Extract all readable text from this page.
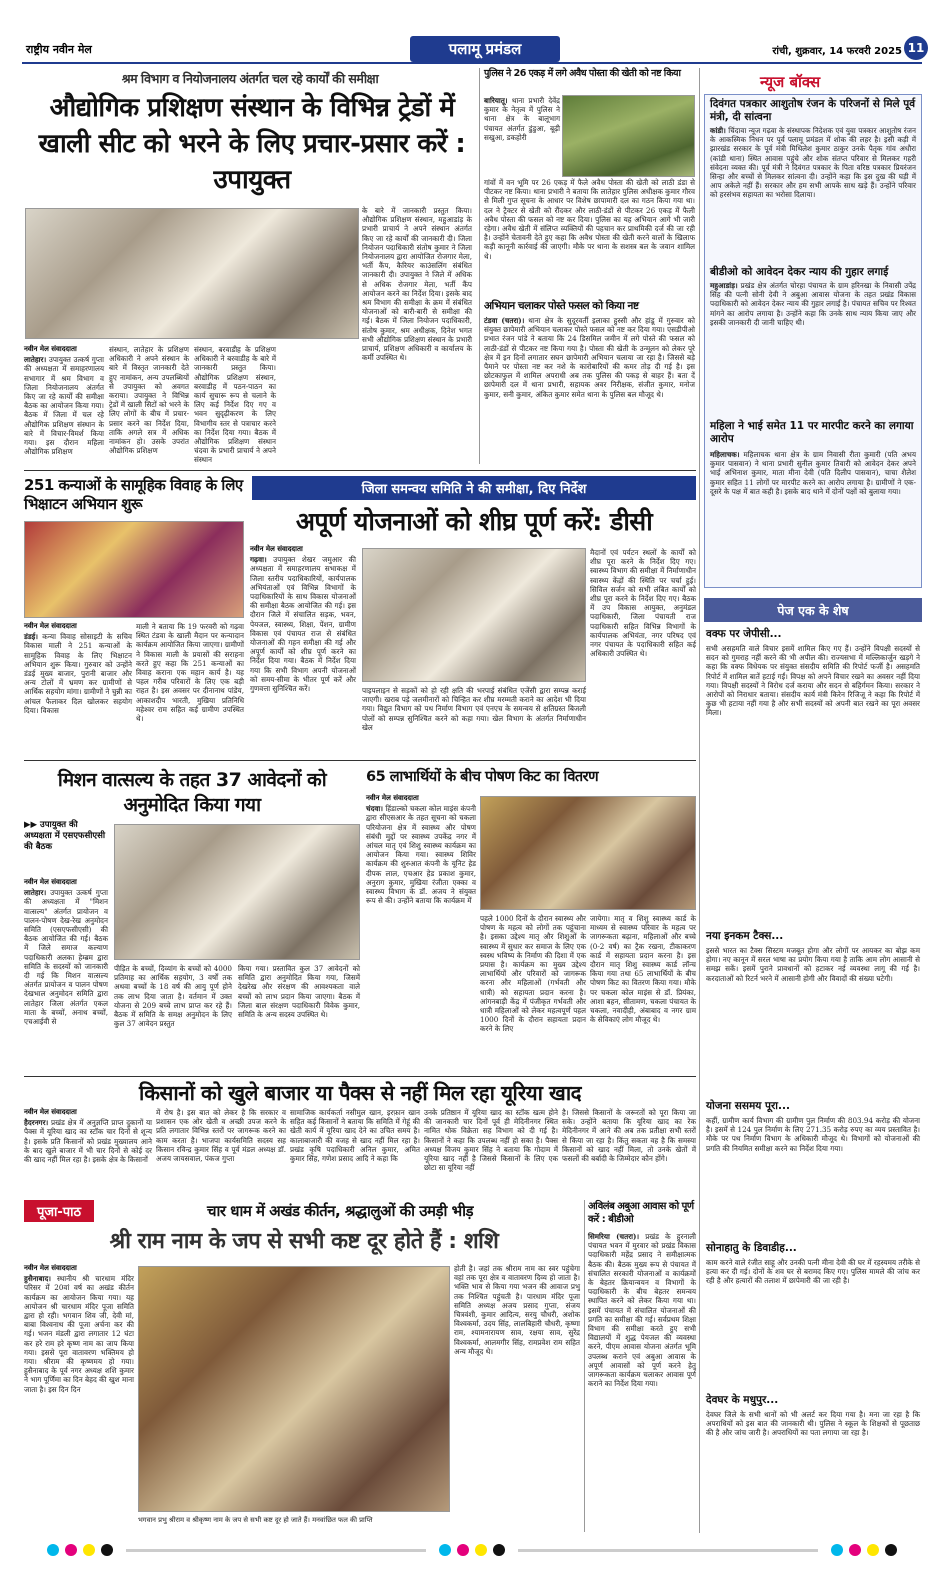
राष्ट्रीय नवीन मेल	पलामू प्रमंडल	रांची, शुक्रवार, 14 फरवरी 2025 11
श्रम विभाग व नियोजनालय अंतर्गत चल रहे कार्यों की समीक्षा
औद्योगिक प्रशिक्षण संस्थान के विभिन्न ट्रेडों में खाली सीट को भरने के लिए प्रचार-प्रसार करें : उपायुक्त
नवीन मेल संवाददाता
लातेहार। उपायुक्त उत्कर्ष गुप्ता की अध्यक्षता में समाहरणालय सभागार में श्रम विभाग व जिला नियोजनालय अंतर्गत किए जा रहे कार्यों की समीक्षा बैठक का आयोजन किया गया। बैठक में जिला में चल रहे औद्योगिक प्रशिक्षण संस्थान के बारे में विचार-विमर्श किया गया। इस दौरान महिला औद्योगिक प्रशिक्षण
संस्थान, लातेहार के प्रशिक्षण अधिकारी ने अपने संस्थान के बारे में विस्तृत जानकारी देते हुए नामांकन, अन्य उपलब्धियों से उपायुक्त को अवगत कराया। उपायुक्त ने विभिन्न ट्रेडों में खाली सिटों को भरने के लिए लोगों के बीच में प्रचार-प्रसार करने का निर्देश दिया, ताकि अगले सत्र में अधिक नामांकन हो। उसके उपरांत औद्योगिक प्रशिक्षण
संस्थान, बरवाडीह के प्रशिक्षण अधिकारी ने बरवाडीह के बारे में जानकारी प्रस्तुत किया। औद्योगिक प्रशिक्षण संस्थान, बरवाडीह में पठन-पाठन का कार्य सुचारू रूप से चलाने के लिए कई निर्देश दिए गए व भवन सुदृढ़ीकरण के लिए विभागीय स्तर से पत्राचार करने का निर्देश दिया गया। बैठक में औद्योगिक प्रशिक्षण संस्थान चंदवा के प्रभारी प्राचार्य ने अपने संस्थान
के बारे में जानकारी प्रस्तुत किया। औद्योगिक प्रशिक्षण संस्थान, महुआडांड़ के प्रभारी प्राचार्य ने अपने संस्थान अंतर्गत किए जा रहे कार्यों की जानकारी दी। जिला नियोजन पदाधिकारी संतोष कुमार ने जिला नियोजनालय द्वारा आयोजित रोजगार मेला, भर्ती कैंप, कैरियर काउंसलिंग संबंधित जानकारी दी। उपायुक्त ने जिले में अधिक से अधिक रोजगार मेला, भर्ती कैंप आयोजन करने का निर्देश दिया। इसके बाद श्रम विभाग की समीक्षा के क्रम में संबंधित योजनाओं को बारी-बारी से समीक्षा की गई। बैठक में जिला नियोजन पदाधिकारी, संतोष कुमार, श्रम अधीक्षक, दिनेश भगत सभी औद्योगिक प्रशिक्षण संस्थान के प्रभारी प्राचार्य, प्रशिक्षण अधिकारी व कार्यालय के कर्मी उपस्थित थे।
पुलिस ने 26 एकड़ में लगे अवैध पोस्ता की खेती को नष्ट किया
बारियातू। थाना प्रभारी देवेंद्र कुमार के नेतृत्व में पुलिस ने थाना क्षेत्र के बालूभाग पंचायत अंतर्गत डुंडुआ, बूढ़ी सखुआ, डकहोरी
गांवों में वन भूमि पर 26 एकड़ में फैले अवैध पोस्ता की खेती को लाठी डंडा से पीटकर नष्ट किया। थाना प्रभारी ने बताया कि लातेहार पुलिस अधीक्षक कुमार गौरव से मिली गुप्त सूचना के आधार पर विशेष छापामारी दल का गठन किया गया था। दल ने ट्रैक्टर से खेती को रौंदकर और लाठी-डंडों से पीटकर 26 एकड़ में फैली अवैध पोस्ता की फसल को नष्ट कर दिया। पुलिस का यह अभियान आगे भी जारी रहेगा। अवैध खेती में संलिप्त व्यक्तियों की पहचान कर प्राथमिकी दर्ज की जा रही है। उन्होंने चेतावनी देते हुए कहा कि अवैध पोस्ता की खेती करने वालों के खिलाफ कड़ी कानूनी कार्रवाई की जाएगी। मौके पर थाना के सशस्त्र बल के जवान शामिल थे।
अभियान चलाकर पोस्ते फसल को किया नष्ट
टंडवा (चतरा)। थाना क्षेत्र के सुदूरवर्ती इलाका हुस्सी और हांडू में गुरुवार को संयुक्त छापेमारी अभियान चलाकर पोस्ते फसल को नष्ट कर दिया गया। एसडीपीओ प्रभात रंजन पांडे ने बताया कि 24 डिसमिल जमीन में लगे पोस्ते की फसल को लाठी-डंडों से पीटकर नष्ट किया गया है। पोस्ता की खेती के उन्मूलन को लेकर पूरे क्षेत्र में इन दिनों लगातार सघन छापेमारी अभियान चलाया जा रहा है। जिससे बड़े पैमाने पर पोस्ता नष्ट कर नशे के कारोबारियों की कमर तोड़ दी गई है। इस छोटकाफुल में शामिल अपराधी अब तक पुलिस की पकड़ से बाहर हैं। बता दें छापेमारी दल में थाना प्रभारी, सहायक अवर निरीक्षक, संजीत कुमार, मनोज कुमार, सनी कुमार, अंकित कुमार समेत थाना के पुलिस बल मौजूद थे।
251 कन्याओं के सामूहिक विवाह के लिए भिक्षाटन अभियान शुरू
नवीन मेल संवाददाता
डंडई। कन्या विवाह सोसाइटी के सचिव विकास माली ने 251 कन्याओं के सामूहिक विवाह के लिए भिक्षाटन अभियान शुरू किया। गुरुवार को उन्होंने डंडई मुख्य बाजार, पुरानी बाजार और अन्य टोलों में भ्रमण कर ग्रामीणों से आर्थिक सहयोग मांगा। ग्रामीणों ने चुन्नी का आंचल फैलाकर दिल खोलकर सहयोग दिया। विकास
माली ने बताया कि 19 फरवरी को गढ़वा स्थित टंडवा के खाली मैदान पर कन्यादान कार्यक्रम आयोजित किया जाएगा। ग्रामीणों ने विकास माली के प्रयासों की सराहना करते हुए कहा कि 251 कन्याओं का विवाह कराना एक महान कार्य है। यह पहल गरीब परिवारों के लिए एक बड़ी राहत है। इस अवसर पर दीनानाथ पांडेय, आकाशदीप भारती, मुखिया प्रतिनिधि महेश्वर राम सहित कई ग्रामीण उपस्थित थे।
जिला समन्वय समिति ने की समीक्षा, दिए निर्देश
अपूर्ण योजनाओं को शीघ्र पूर्ण करें: डीसी
नवीन मेल संवाददाता
गढ़वा। उपायुक्त शेखर जमुआर की अध्यक्षता में समाहरणालय सभाकक्ष में जिला स्तरीय पदाधिकारियों, कार्यपालक अभियंताओं एवं विभिन्न विभागों के पदाधिकारियों के साथ विकास योजनाओं की समीक्षा बैठक आयोजित की गई। इस दौरान जिले में संचालित सड़क, भवन, पेयजल, स्वास्थ्य, शिक्षा, पेंशन, ग्रामीण विकास एवं पंचायत राज से संबंधित योजनाओं की गहन समीक्षा की गई और अपूर्ण कार्यों को शीघ्र पूर्ण करने का निर्देश दिया गया। बैठक में निर्देश दिया गया कि सभी विभाग अपनी योजनाओं को समय-सीमा के भीतर पूर्ण करें और गुणवत्ता सुनिश्चित करें।	पाइपलाइन से सड़कों को हो रही क्षति की भरपाई संबंधित एजेंसी द्वारा सम्पन्न कराई जाएगी। खराब पड़े जलमीनारों को चिन्हित कर शीघ्र मरम्मती कराने का आदेश भी दिया गया। विद्युत विभाग को पथ निर्माण विभाग एवं एनएच के समन्वय से क्षतिग्रस्त बिजली पोलों को सम्पन्न सुनिश्चित करने को कहा गया। खेल विभाग के अंतर्गत निर्माणाधीन खेल
मैदानों एवं पर्यटन स्थलों के कार्यों को शीघ्र पूरा करने के निर्देश दिए गए। स्वास्थ्य विभाग की समीक्षा में निर्माणाधीन स्वास्थ्य केंद्रों की स्थिति पर चर्चा हुई। सिविल सर्जन को सभी लंबित कार्यों को शीघ्र पूरा करने के निर्देश दिए गए। बैठक में उप विकास आयुक्त, अनुमंडल पदाधिकारी, जिला पंचायती राज पदाधिकारी सहित विभिन्न विभागों के कार्यपालक अभियंता, नगर परिषद एवं नगर पंचायत के पदाधिकारी सहित कई अधिकारी उपस्थित थे।
मिशन वात्सल्य के तहत 37 आवेदनों को अनुमोदित किया गया
▶▶ उपायुक्त की अध्यक्षता में एसएफसीएसी की बैठक
नवीन मेल संवाददाता
लातेहार। उपायुक्त उत्कर्ष गुप्ता की अध्यक्षता में "मिशन वात्सल्य" अंतर्गत प्रायोजन व पालन-पोषण देख-रेख अनुमोदन समिति (एसएफसीएसी) की बैठक आयोजित की गई। बैठक में जिले समाज कल्याण पदाधिकारी अलका हेम्ब्रम द्वारा समिति के सदस्यों को जानकारी दी गई कि मिशन वात्सल्य अंतर्गत प्रायोजन व पालन पोषण देखभाल अनुमोदन समिति द्वारा लातेहार जिला अंतर्गत एकल माता के बच्चों, अनाथ बच्चों, एचआईवी से
पीड़ित के बच्चों, दिव्यांग के बच्चों को 4000 प्रतिमाह का आर्थिक सहयोग, 3 वर्षों तक अथवा बच्चों के 18 वर्ष की आयु पूर्ण होने तक लाभ दिया जाता है। वर्तमान में उक्त योजना से 209 बच्चे लाभ प्राप्त कर रहे हैं। बैठक में समिति के समक्ष अनुमोदन के लिए कुल 37 आवेदन प्रस्तुत
किया गया। प्रस्तावित कुल 37 आवेदनों को समिति द्वारा अनुमोदित किया गया, जिसमें देखरेख और संरक्षण की आवश्यकता वाले बच्चों को लाभ प्रदान किया जाएगा। बैठक में जिला बाल संरक्षण पदाधिकारी विवेक कुमार, समिति के अन्य सदस्य उपस्थित थे।
65 लाभार्थियों के बीच पोषण किट का वितरण
नवीन मेल संवाददाता
चंदवा। हिंडाल्को चकला कोल माइंस कंपनी द्वारा सीएसआर के तहत सूचना को चकला परियोजना क्षेत्र में स्वास्थ्य और पोषण संबंधी मुद्दों पर स्वास्थ्य उपकेंद्र नगर में आंचल मातृ एवं शिशु स्वास्थ्य कार्यक्रम का आयोजन किया गया। स्वास्थ्य शिविर कार्यक्रम की शुरुआत कंपनी के यूनिट हेड दीपक लाल, एचआर हेड प्रकाश कुमार, अनुराग कुमार, मुखिया रंजीता एक्का व स्वास्थ्य विभाग के डॉ. अजय ने संयुक्त रूप से की। उन्होंने बताया कि कार्यक्रम में
पहले 1000 दिनों के दौरान स्वास्थ्य और पोषण के महत्व को लोगों तक पहुंचाना है। इसका उद्देश्य मातृ और शिशुओं के स्वास्थ्य में सुधार कर समाज के लिए एक स्वस्थ भविष्य के निर्माण की दिशा में एक प्रयास है। कार्यक्रम का मुख्य उद्देश्य लाभार्थियों और परिवारों को जागरूक करना और महिलाओं (गर्भवती और धात्री) को सहायता प्रदान करना है। आंगनबाड़ी केंद्र में पंजीकृत गर्भवती और धात्री महिलाओं को लेकर महत्वपूर्ण पहल 1000 दिनों के दौरान सहायता प्रदान करने के लिए
जायेगा। मातृ व शिशु स्वास्थ्य कार्ड के माध्यम से स्वास्थ्य परिवार के महत्व पर जागरूकता बढ़ाना, महिलाओं और बच्चे (0-2 वर्ष) का ट्रैक रखना, टीकाकरण कार्ड में सहायता प्रदान करना है। इस दौरान मातृ शिशु स्वास्थ्य कार्ड लॉन्च किया गया तथा 65 लाभार्थियों के बीच पोषण किट का वितरण किया गया। मौके पर चकला कोल माइंस से डॉ. प्रियंका, आशा बहन, सीतामण, चकला पंचायत के चकला, नवादीही, अंबाबाद व नगर ग्राम के सेविकाएं लोग मौजूद थे।
किसानों को खुले बाजार या पैक्स से नहीं मिल रहा यूरिया खाद
नवीन मेल संवाददाता
हैदरनगर। प्रखंड क्षेत्र में अनुज्ञप्ति प्राप्त दुकानों या पैक्स में यूरिया खाद का स्टॉक चार दिनों से शून्य है। इसके प्रति किसानों को प्रखंड मुख्यालय आने के बाद खुले बाजार में भी चार दिनों से कोई दर की खाद नहीं मिल रहा है। इसके क्षेत्र के किसानों
में रोष है। इस बात को लेकर है कि सरकार व प्रशासन एक ओर खेती व अच्छी उपज करने के प्रति लगातार विभिन्न स्तरों पर जागरूक करने का काम करता है। भाजपा कार्यसमिति सदस्य सह किसान रविन्द्र कुमार सिंह व पूर्व मंडल अध्यक्ष डॉ. अजय जायसवाल, पंकज गुप्ता
सामाजिक कार्यकर्ता नसीमुल खान, इरफ़ान खान सहित कई किसानों ने बताया कि समिति में गेहूं की खेती कार्य में यूरिया खाद देने का उचित समय है। कालाबाजारी की वजह से खाद नहीं मिल रहा है। प्रखंड कृषि पदाधिकारी अनिल कुमार, अमित कुमार सिंह, गणेश प्रसाद आदि ने कहा कि
उनके प्रतिष्ठान में यूरिया खाद का स्टॉक खत्म होने की जानकारी चार दिनों पूर्व ही मेदिनीनगर स्थित नामित थोक विक्रेता सह विभाग को दी गई है। किसानों ने कहा कि उपलब्ध नहीं हो सका है। पैक्स अध्यक्ष विजय कुमार सिंह ने बताया कि गोदाम में यूरिया खाद नहीं है जिससे किसानों के लिए एक छोटा सा यूरिया नहीं
है। जिससे किसानों के जरूरतों को पूरा किया जा सके। उन्होंने बताया कि यूरिया खाद का रेक मेदिनीनगर में आने की अब तक प्रतीक्षा सभी स्तरों से किया जा रहा है। किंतु सकता वह है कि समस्या किसानों को खाद नहीं मिला, तो उनके खेतों में फसलों की बर्बादी के जिम्मेदार कौन होंगे।
पूजा-पाठ	चार धाम में अखंड कीर्तन, श्रद्धालुओं की उमड़ी भीड़
श्री राम नाम के जप से सभी कष्ट दूर होते हैं : शशि
नवीन मेल संवाददाता
हुसैनाबाद। स्थानीय श्री चारधाम मंदिर परिसर में 20वां वर्ष का अखंड कीर्तन कार्यक्रम का आयोजन किया गया। यह आयोजन श्री चारधाम मंदिर पूजा समिति द्वारा हो रही। भगवान शिव जी, देवी मां, बाबा विश्वनाथ की पूजा अर्चना कर की गई। भजन मंडली द्वारा लगातार 12 घंटा कर हरे राम हरे कृष्ण नाम का जाप किया गया। इससे पूरा वातावरण भक्तिमय हो गया। श्रीराम की कृष्णमय हो गया। हुसैनाबाद के पूर्व नगर अध्यक्ष शशि कुमार ने भाग पूर्णिमा का दिन बेहद की खुश माना जाता है। इस दिन दिन
भगवान प्रभु श्रीराम व श्रीकृष्ण नाम के जप से सभी कष्ट दूर हो जाते हैं। मनवांछित फल की प्राप्ति
होती है। जहां तक श्रीराम नाम का स्वर पहुंचेगा वहां तक पूरा क्षेत्र व वातावरण दिव्य हो जाता है। भक्ति भाव से किया गया भजन की आवाज प्रभु तक निश्चित पहुंचती है। पारधाम मंदिर पूजा समिति अध्यक्ष अजय प्रसाद गुप्ता, संजय चित्रवंशी, कुमार आदित्य, सरयु चौधरी, अशोक विश्वकर्मा, उदय सिंह, लालबिहारी चौधरी, कृष्णा राम, श्यामनारायण साव, रक्षया साव, सुरेंद्र विश्वकर्मा, आलमगीर सिंह, रामप्रवेश राम सहित अन्य मौजूद थे।
अविलंब अबुआ आवास को पूर्ण करें : बीडीओ
सिमरिया (चतरा)। प्रखंड के हुरनाली पंचायत भवन में मुरवार को प्रखंड विकास पदाधिकारी महेंद्र प्रसाद ने समीक्षात्मक बैठक की। बैठक मुख्य रूप से पंचायत में संचालित सरकारी योजनाओं व कार्यक्रमों के बेहतर क्रियान्वयन व विभागों के पदाधिकारी के बीच बेहतर समन्वय स्थापित करने को लेकर किया गया था। इसमें पंचायत में संचालित योजनाओं की प्रगति का समीक्षा की गई। सर्वप्रथम शिक्षा विभाग की समीक्षा करते हुए सभी विद्यालयों में शुद्ध पेयजल की व्यवस्था करने, पीएम आवास योजना अंतर्गत भूमि उपलब्ध कराने एवं अबुआ आवास के अपूर्ण आवासों को पूर्ण करने हेतु जागरूकता कार्यक्रम चलाकर आवास पूर्ण कराने का निर्देश दिया गया।
न्यूज बॉक्स
दिवंगत पत्रकार आशुतोष रंजन के परिजनों से मिले पूर्व मंत्री, दी सांत्वना
कांडी। चिंदावा न्यूज गढ़वा के संस्थापक निदेशक एवं युवा पत्रकार आशुतोष रंजन के आकस्मिक निधन पर पूर्व पलामू प्रमंडल में शोक की लहर है। इसी कड़ी में झारखंड सरकार के पूर्व मंत्री मिथिलेश कुमार ठाकुर उनके पैतृक गांव अधौरा (कांडी थाना) स्थित आवास पहुंचे और शोक संतप्त परिवार से मिलकर गहरी संवेदना व्यक्त की। पूर्व मंत्री ने दिवंगत पत्रकार के पिता वरिष्ठ पत्रकार प्रियरंजन सिन्हा और बच्चों से मिलकर सांत्वना दी। उन्होंने कहा कि इस दुख की घड़ी में आप अकेले नहीं हैं। सरकार और हम सभी आपके साथ खड़े हैं। उन्होंने परिवार को हरसंभव सहायता का भरोसा दिलाया।
बीडीओ को आवेदन देकर न्याय की गुहार लगाई
महुआडांड़। प्रखंड क्षेत्र अंतर्गत चोरहा पंचायत के ग्राम हरिनखा के निवासी उपेंद्र सिंह की पत्नी सोनी देवी ने अबुआ आवास योजना के तहत प्रखंड विकास पदाधिकारी को आवेदन देकर न्याय की गुहार लगाई है। पंचायत सचिव पर रिश्वत मांगने का आरोप लगाया है। उन्होंने कहा कि उनके साथ न्याय किया जाए और इसकी जानकारी दी जानी चाहिए थी।
महिला ने भाई समेत 11 पर मारपीट करने का लगाया आरोप
महिलाचक। महिलाचक थाना क्षेत्र के ग्राम निवासी रीता कुमारी (पति अभय कुमार पासवान) ने थाना प्रभारी सुनील कुमार तिवारी को आवेदन देकर अपने भाई अभिनाश कुमार, माता मीना देवी (पति दिलीप पासवान), चाचा शैलेश कुमार सहित 11 लोगों पर मारपीट करने का आरोप लगाया है। ग्रामीणों ने एक-दूसरे के पक्ष में बात कही है। इसके बाद थाने में दोनों पक्षों को बुलाया गया।
पेज एक के शेष
वक्फ पर जेपीसी...
सभी असहमति वाले विचार इसमें शामिल किए गए हैं। उन्होंने विपक्षी सदस्यों से सदन को गुमराह नहीं करने की भी अपील की। राज्यसभा में मल्लिकार्जुन खड़गे ने कहा कि वक्फ विधेयक पर संयुक्त संसदीय समिति की रिपोर्ट फर्जी है। असहमति रिपोर्ट में शामिल बातें हटाई गईं। विपक्ष को अपने विचार रखने का अवसर नहीं दिया गया। विपक्षी सदस्यों ने विरोध दर्ज कराया और सदन से बहिर्गमन किया। सरकार ने आरोपों को निराधार बताया। संसदीय कार्य मंत्री किरेन रिजिजू ने कहा कि रिपोर्ट में कुछ भी हटाया नहीं गया है और सभी सदस्यों को अपनी बात रखने का पूरा अवसर मिला।
नया इनकम टैक्स...
इससे भारत का टैक्स सिस्टम मजबूत होगा और लोगों पर आयकर का बोझ कम होगा। नए कानून में सरल भाषा का प्रयोग किया गया है ताकि आम लोग आसानी से समझ सकें। इसमें पुराने प्रावधानों को हटाकर नई व्यवस्था लागू की गई है। करदाताओं को रिटर्न भरने में आसानी होगी और विवादों की संख्या घटेगी।
योजना ससमय पूरा...
कहीं, ग्रामीण कार्य विभाग की ग्रामीण पुल निर्माण की 803.94 करोड़ की योजना है। इसमें से 124 पुल निर्माण के लिए 271.35 करोड़ रुपए का व्यय प्रस्तावित है। मौके पर पथ निर्माण विभाग के अधिकारी मौजूद थे। विभागों को योजनाओं की प्रगति की नियमित समीक्षा करने का निर्देश दिया गया।
सोनाहातु के डिवाडीह...
काम करने वाले रंजीत साहू और उनकी पत्नी मीना देवी की घर में रहस्यमय तरीके से हत्या कर दी गई। दोनों के शव घर से बरामद किए गए। पुलिस मामले की जांच कर रही है और हत्यारों की तलाश में छापेमारी की जा रही है।
देवघर के मधुपुर...
देवघर जिले के सभी थानों को भी अलर्ट कर दिया गया है। मना जा रहा है कि अपराधियों को इस बात की जानकारी थी। पुलिस ने स्कूल के शिक्षकों से पूछताछ की है और जांच जारी है। अपराधियों का पता लगाया जा रहा है।
